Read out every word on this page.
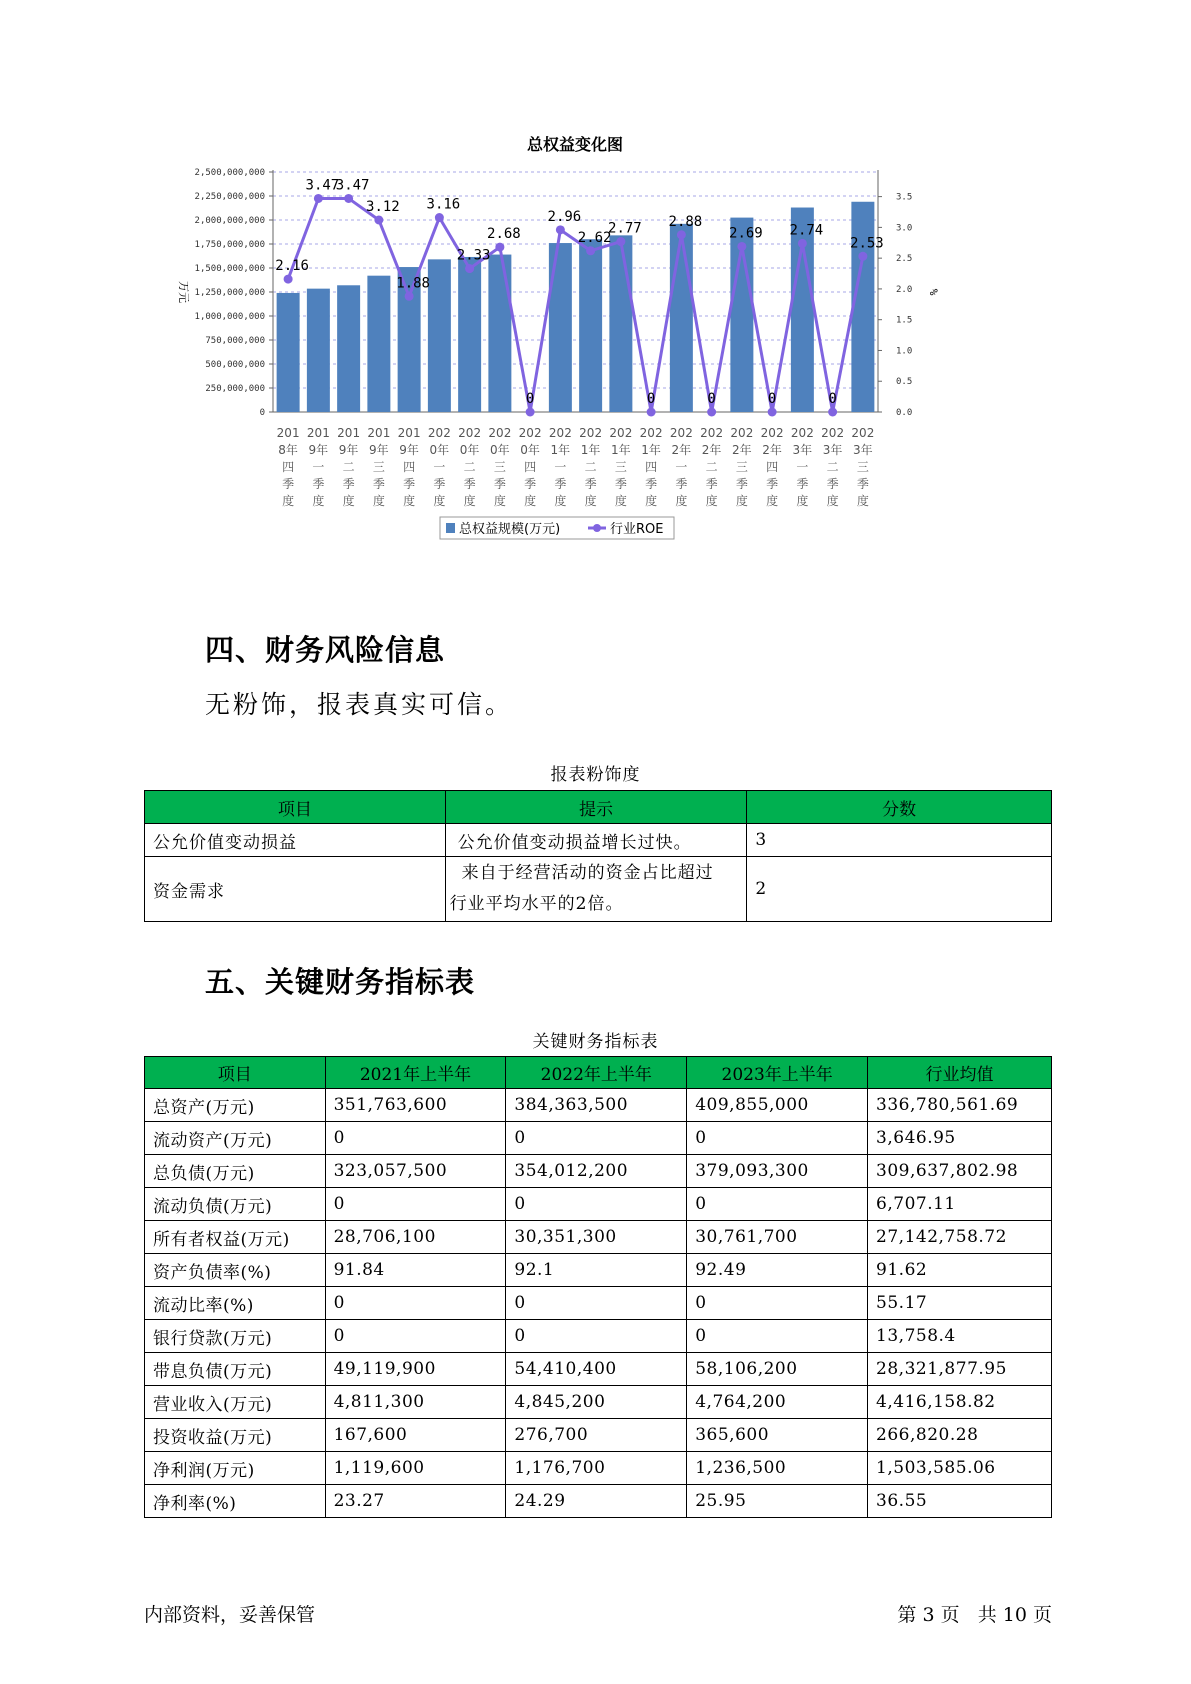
总权益变化图
0
250,000,000
500,000,000
750,000,000
1,000,000,000
1,250,000,000
1,500,000,000
1,750,000,000
2,000,000,000
2,250,000,000
2,500,000,000
0.0
0.5
1.0
1.5
2.0
2.5
3.0
3.5
万元	%
201
8年
四
季
度
201
9年
一
季
度
201
9年
二
季
度
201
9年
三
季
度
201
9年
四
季
度
202
0年
一
季
度
202
0年
二
季
度
202
0年
三
季
度
202
0年
四
季
度
202
1年
一
季
度
202
1年
二
季
度
202
1年
三
季
度
202
1年
四
季
度
202
2年
一
季
度
202
2年
二
季
度
202
2年
三
季
度
202
2年
四
季
度
202
3年
一
季
度
202
3年
二
季
度
202
3年
三
季
度
2.16
3.47
3.47
3.12
1.88
3.16
2.33
2.68
0
2.96
2.62
2.77
0
2.88
0
2.69
0
2.74
0
2.53
总权益规模(万元)	行业ROE
四、财务风险信息
无粉饰，报表真实可信。
报表粉饰度
项目	提示	分数
公允价值变动损益	公允价值变动损益增长过快。	3
资金需求	来自于经营活动的资金占比超过
行业平均水平的2倍。	2
五、关键财务指标表
关键财务指标表
项目	2021年上半年	2022年上半年	2023年上半年	行业均值
总资产(万元)	351,763,600	384,363,500	409,855,000	336,780,561.69
流动资产(万元)	0	0	0	3,646.95
总负债(万元)	323,057,500	354,012,200	379,093,300	309,637,802.98
流动负债(万元)	0	0	0	6,707.11
所有者权益(万元)	28,706,100	30,351,300	30,761,700	27,142,758.72
资产负债率(%)	91.84	92.1	92.49	91.62
流动比率(%)	0	0	0	55.17
银行贷款(万元)	0	0	0	13,758.4
带息负债(万元)	49,119,900	54,410,400	58,106,200	28,321,877.95
营业收入(万元)	4,811,300	4,845,200	4,764,200	4,416,158.82
投资收益(万元)	167,600	276,700	365,600	266,820.28
净利润(万元)	1,119,600	1,176,700	1,236,500	1,503,585.06
净利率(%)	23.27	24.29	25.95	36.55
内部资料，妥善保管	第 3 页 共 10 页
